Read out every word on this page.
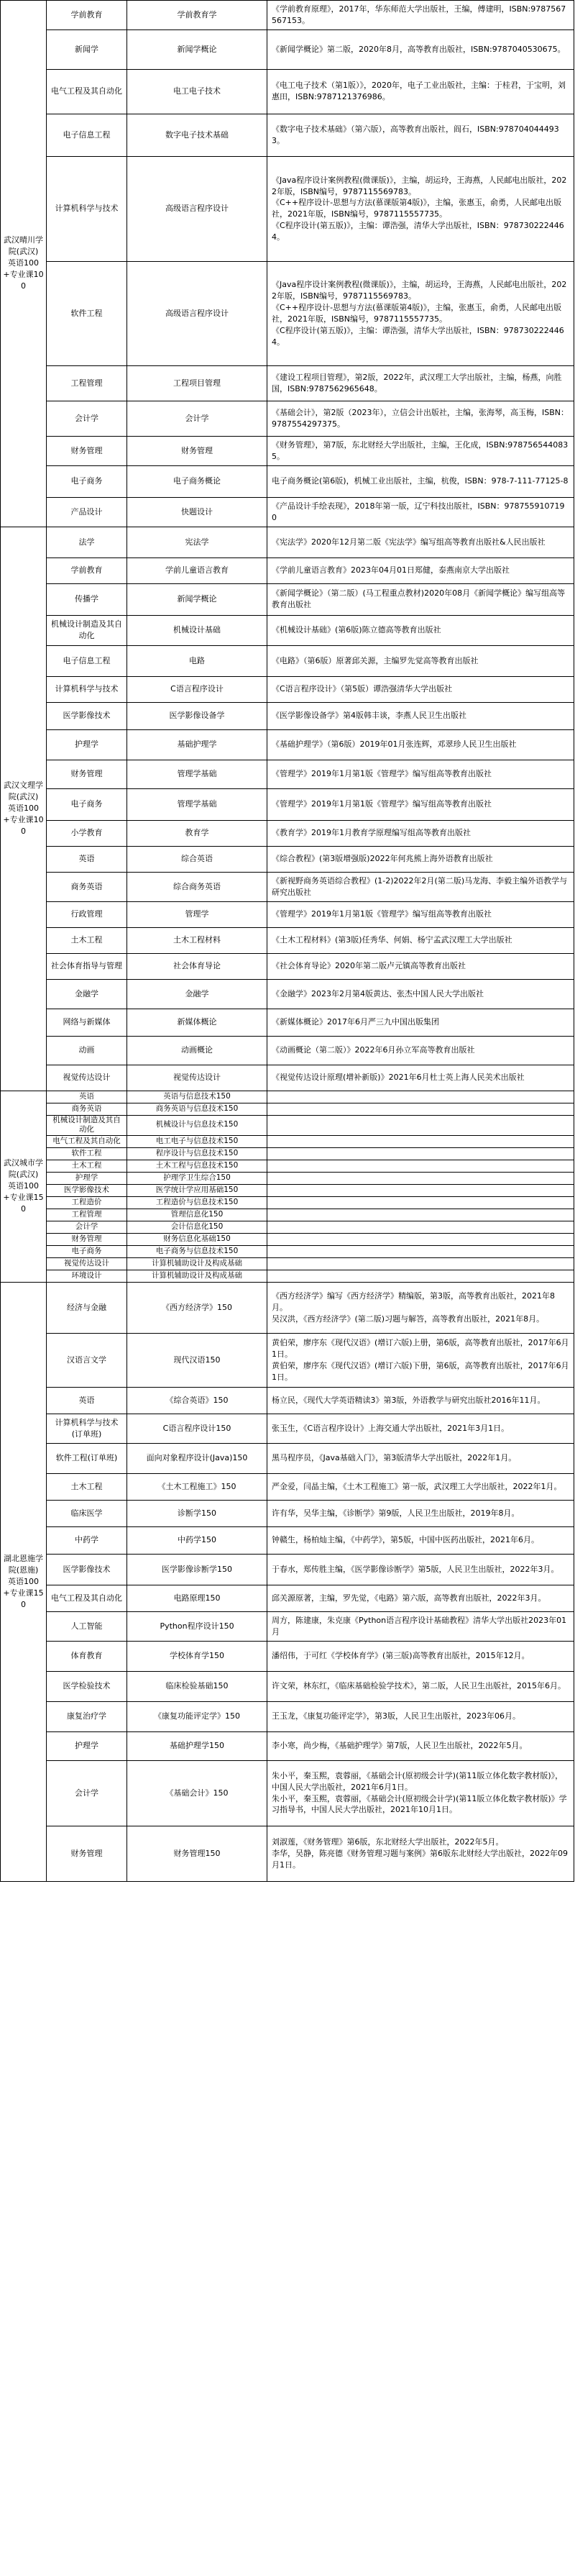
武汉晴川学院(武汉)
英语100+专业课100	学前教育	学前教育学	《学前教育原理》，2017年，华东师范大学出版社，王编，傅建明，ISBN:9787567567153。
	新闻学	新闻学概论	《新闻学概论》第二版，2020年8月，高等教育出版社，ISBN:9787040530675。
	电气工程及其自动化	电工电子技术	《电工电子技术（第1版）》，2020年，电子工业出版社，主编：于桂君，于宝明，刘惠田，ISBN:9787121376986。
	电子信息工程	数字电子技术基础	《数字电子技术基础》（第六版），高等教育出版社，阎石，ISBN:9787040444933。
	计算机科学与技术	高级语言程序设计	《Java程序设计案例教程(微课版)》，主编，胡运玲，王海燕，人民邮电出版社，2022年版，ISBN编号，9787115569783。
《C++程序设计-思想与方法(慕课版第4版)》，主编，张惠玉，俞勇，人民邮电出版社，2021年版，ISBN编号，9787115557735。
《C程序设计(第五版)》，主编：谭浩强，清华大学出版社，ISBN：9787302224464。
	软件工程	高级语言程序设计	《Java程序设计案例教程(微课版)》，主编，胡运玲，王海燕，人民邮电出版社，2022年版，ISBN编号，9787115569783。
《C++程序设计-思想与方法(慕课版第4版)》，主编，张惠玉，俞勇，人民邮电出版社，2021年版，ISBN编号，9787115557735。
《C程序设计(第五版)》，主编：谭浩强，清华大学出版社，ISBN：9787302224464。
	工程管理	工程项目管理	《建设工程项目管理》，第2版，2022年，武汉理工大学出版社，主编，杨燕，向胜国，ISBN:9787562965648。
	会计学	会计学	《基础会计》，第2版（2023年），立信会计出版社，主编，张海琴，高玉梅，ISBN：9787554297375。
	财务管理	财务管理	《财务管理》，第7版，东北财经大学出版社，主编，王化成，ISBN:9787565440835。
	电子商务	电子商务概论	电子商务概论(第6版)，机械工业出版社，主编，杭俊，ISBN：978-7-111-77125-8
	产品设计	快题设计	《产品设计手绘表现》，2018年第一版，辽宁科技出版社，ISBN：9787559107190
武汉文理学院(武汉)
英语100+专业课100	法学	宪法学	《宪法学》2020年12月第二版《宪法学》编写组高等教育出版社&人民出版社
	学前教育	学前儿童语言教育	《学前儿童语言教育》2023年04月01日郑健，泰燕南京大学出版社
	传播学	新闻学概论	《新闻学概论》（第二版）(马工程重点教材)2020年08月《新闻学概论》编写组高等教育出版社
	机械设计制造及其自动化	机械设计基础	《机械设计基础》(第6版)陈立德高等教育出版社
	电子信息工程	电路	《电路》（第6版）原著邱关源，主编罗先觉高等教育出版社
	计算机科学与技术	C语言程序设计	《C语言程序设计》（第5版）谭浩强清华大学出版社
	医学影像技术	医学影像设备学	《医学影像设备学》第4版韩丰谈，李燕人民卫生出版社
	护理学	基础护理学	《基础护理学》（第6版）2019年01月张连辉，邓翠珍人民卫生出版社
	财务管理	管理学基础	《管理学》2019年1月第1版《管理学》编写组高等教育出版社
	电子商务	管理学基础	《管理学》2019年1月第1版《管理学》编写组高等教育出版社
	小学教育	教育学	《教育学》2019年1月教育学原理编写组高等教育出版社
	英语	综合英语	《综合教程》(第3版增强版)2022年何兆熊上海外语教育出版社
	商务英语	综合商务英语	《新视野商务英语综合教程》(1-2)2022年2月(第二版)马龙海、李毅主编外语教学与研究出版社
	行政管理	管理学	《管理学》2019年1月第1版《管理学》编写组高等教育出版社
	土木工程	土木工程材料	《土木工程材料》(第3版)任秀华、何娟、杨宁孟武汉理工大学出版社
	社会体育指导与管理	社会体育导论	《社会体育导论》2020年第二版卢元镇高等教育出版社
	金融学	金融学	《金融学》2023年2月第4版黄达、张杰中国人民大学出版社
	网络与新媒体	新媒体概论	《新媒体概论》2017年6月严三九中国出版集团
	动画	动画概论	《动画概论（第二版）》2022年6月孙立军高等教育出版社
	视觉传达设计	视觉传达设计	《视觉传达设计原理(增补新版)》2021年6月杜士英上海人民美术出版社
武汉城市学院(武汉)
英语100+专业课150	英语	英语与信息技术150	
	商务英语	商务英语与信息技术150	
	机械设计制造及其自动化	机械设计与信息技术150	
	电气工程及其自动化	电工电子与信息技术150	
	软件工程	程序设计与信息技术150	
	土木工程	土木工程与信息技术150	
	护理学	护理学卫生综合150	
	医学影像技术	医学统计学应用基础150	
	工程造价	工程造价与信息技术150	
	工程管理	管理信息化150	
	会计学	会计信息化150	
	财务管理	财务信息化基础150	
	电子商务	电子商务与信息技术150	
	视觉传达设计	计算机辅助设计及构成基础	
	环境设计	计算机辅助设计及构成基础	
湖北恩施学院(恩施)
英语100+专业课150	经济与金融	《西方经济学》150	《西方经济学》编写《西方经济学》精编版，第3版，高等教育出版社，2021年8月。
吴汉洪，《西方经济学》(第二版)习题与解答，高等教育出版社，2021年8月。
	汉语言文学	现代汉语150	黄伯荣，廖序东《现代汉语》(增订六版)上册，第6版，高等教育出版社，2017年6月1日。
黄伯荣，廖序东《现代汉语》(增订六版)下册，第6版，高等教育出版社，2017年6月1日。
	英语	《综合英语》150	杨立民，《现代大学英语精读3》第3版，外语教学与研究出版社2016年11月。
	计算机科学与技术(订单班)	C语言程序设计150	张玉生，《C语言程序设计》上海交通大学出版社，2021年3月1日。
	软件工程(订单班)	面向对象程序设计(Java)150	黑马程序员，《Java基础入门》，第3版清华大学出版社，2022年1月。
	土木工程	《土木工程施工》150	严金爱，闫晶主编，《土木工程施工》第一版，武汉理工大学出版社，2022年1月。
	临床医学	诊断学150	许有华，吴华主编，《诊断学》第9版，人民卫生出版社，2019年8月。
	中药学	中药学150	钟赣生，杨柏灿主编，《中药学》，第5版，中国中医药出版社，2021年6月。
	医学影像技术	医学影像诊断学150	于春水，郑传胜主编，《医学影像诊断学》第5版，人民卫生出版社，2022年3月。
	电气工程及其自动化	电路原理150	邱关源原著，主编，罗先觉，《电路》第六版，高等教育出版社，2022年3月。
	人工智能	Python程序设计150	周方，陈建康，朱克康《Python语言程序设计基础教程》清华大学出版社2023年01月
	体育教育	学校体育学150	潘绍伟，于可红《学校体育学》(第三版)高等教育出版社，2015年12月。
	医学检验技术	临床检验基础150	许文荣，林东红，《临床基础检验学技术》，第二版，人民卫生出版社，2015年6月。
	康复治疗学	《康复功能评定学》150	王玉龙，《康复功能评定学》，第3版，人民卫生出版社，2023年06月。
	护理学	基础护理学150	李小寒，尚少梅，《基础护理学》第7版，人民卫生出版社，2022年5月。
	会计学	《基础会计》150	朱小平，秦玉熙，袁蓉丽，《基础会计(原初级会计学)(第11版立体化数字教材版)》，中国人民大学出版社，2021年6月1日。
朱小平，秦玉熙，袁蓉丽，《基础会计(原初级会计学)(第11版立体化数字教材版)》学习指导书，中国人民大学出版社，2021年10月1日。
	财务管理	财务管理150	刘淑莲，《财务管理》第6版，东北财经大学出版社，2022年5月。
李华，吴静，陈亮德《财务管理习题与案例》第6版东北财经大学出版社，2022年09月1日。
